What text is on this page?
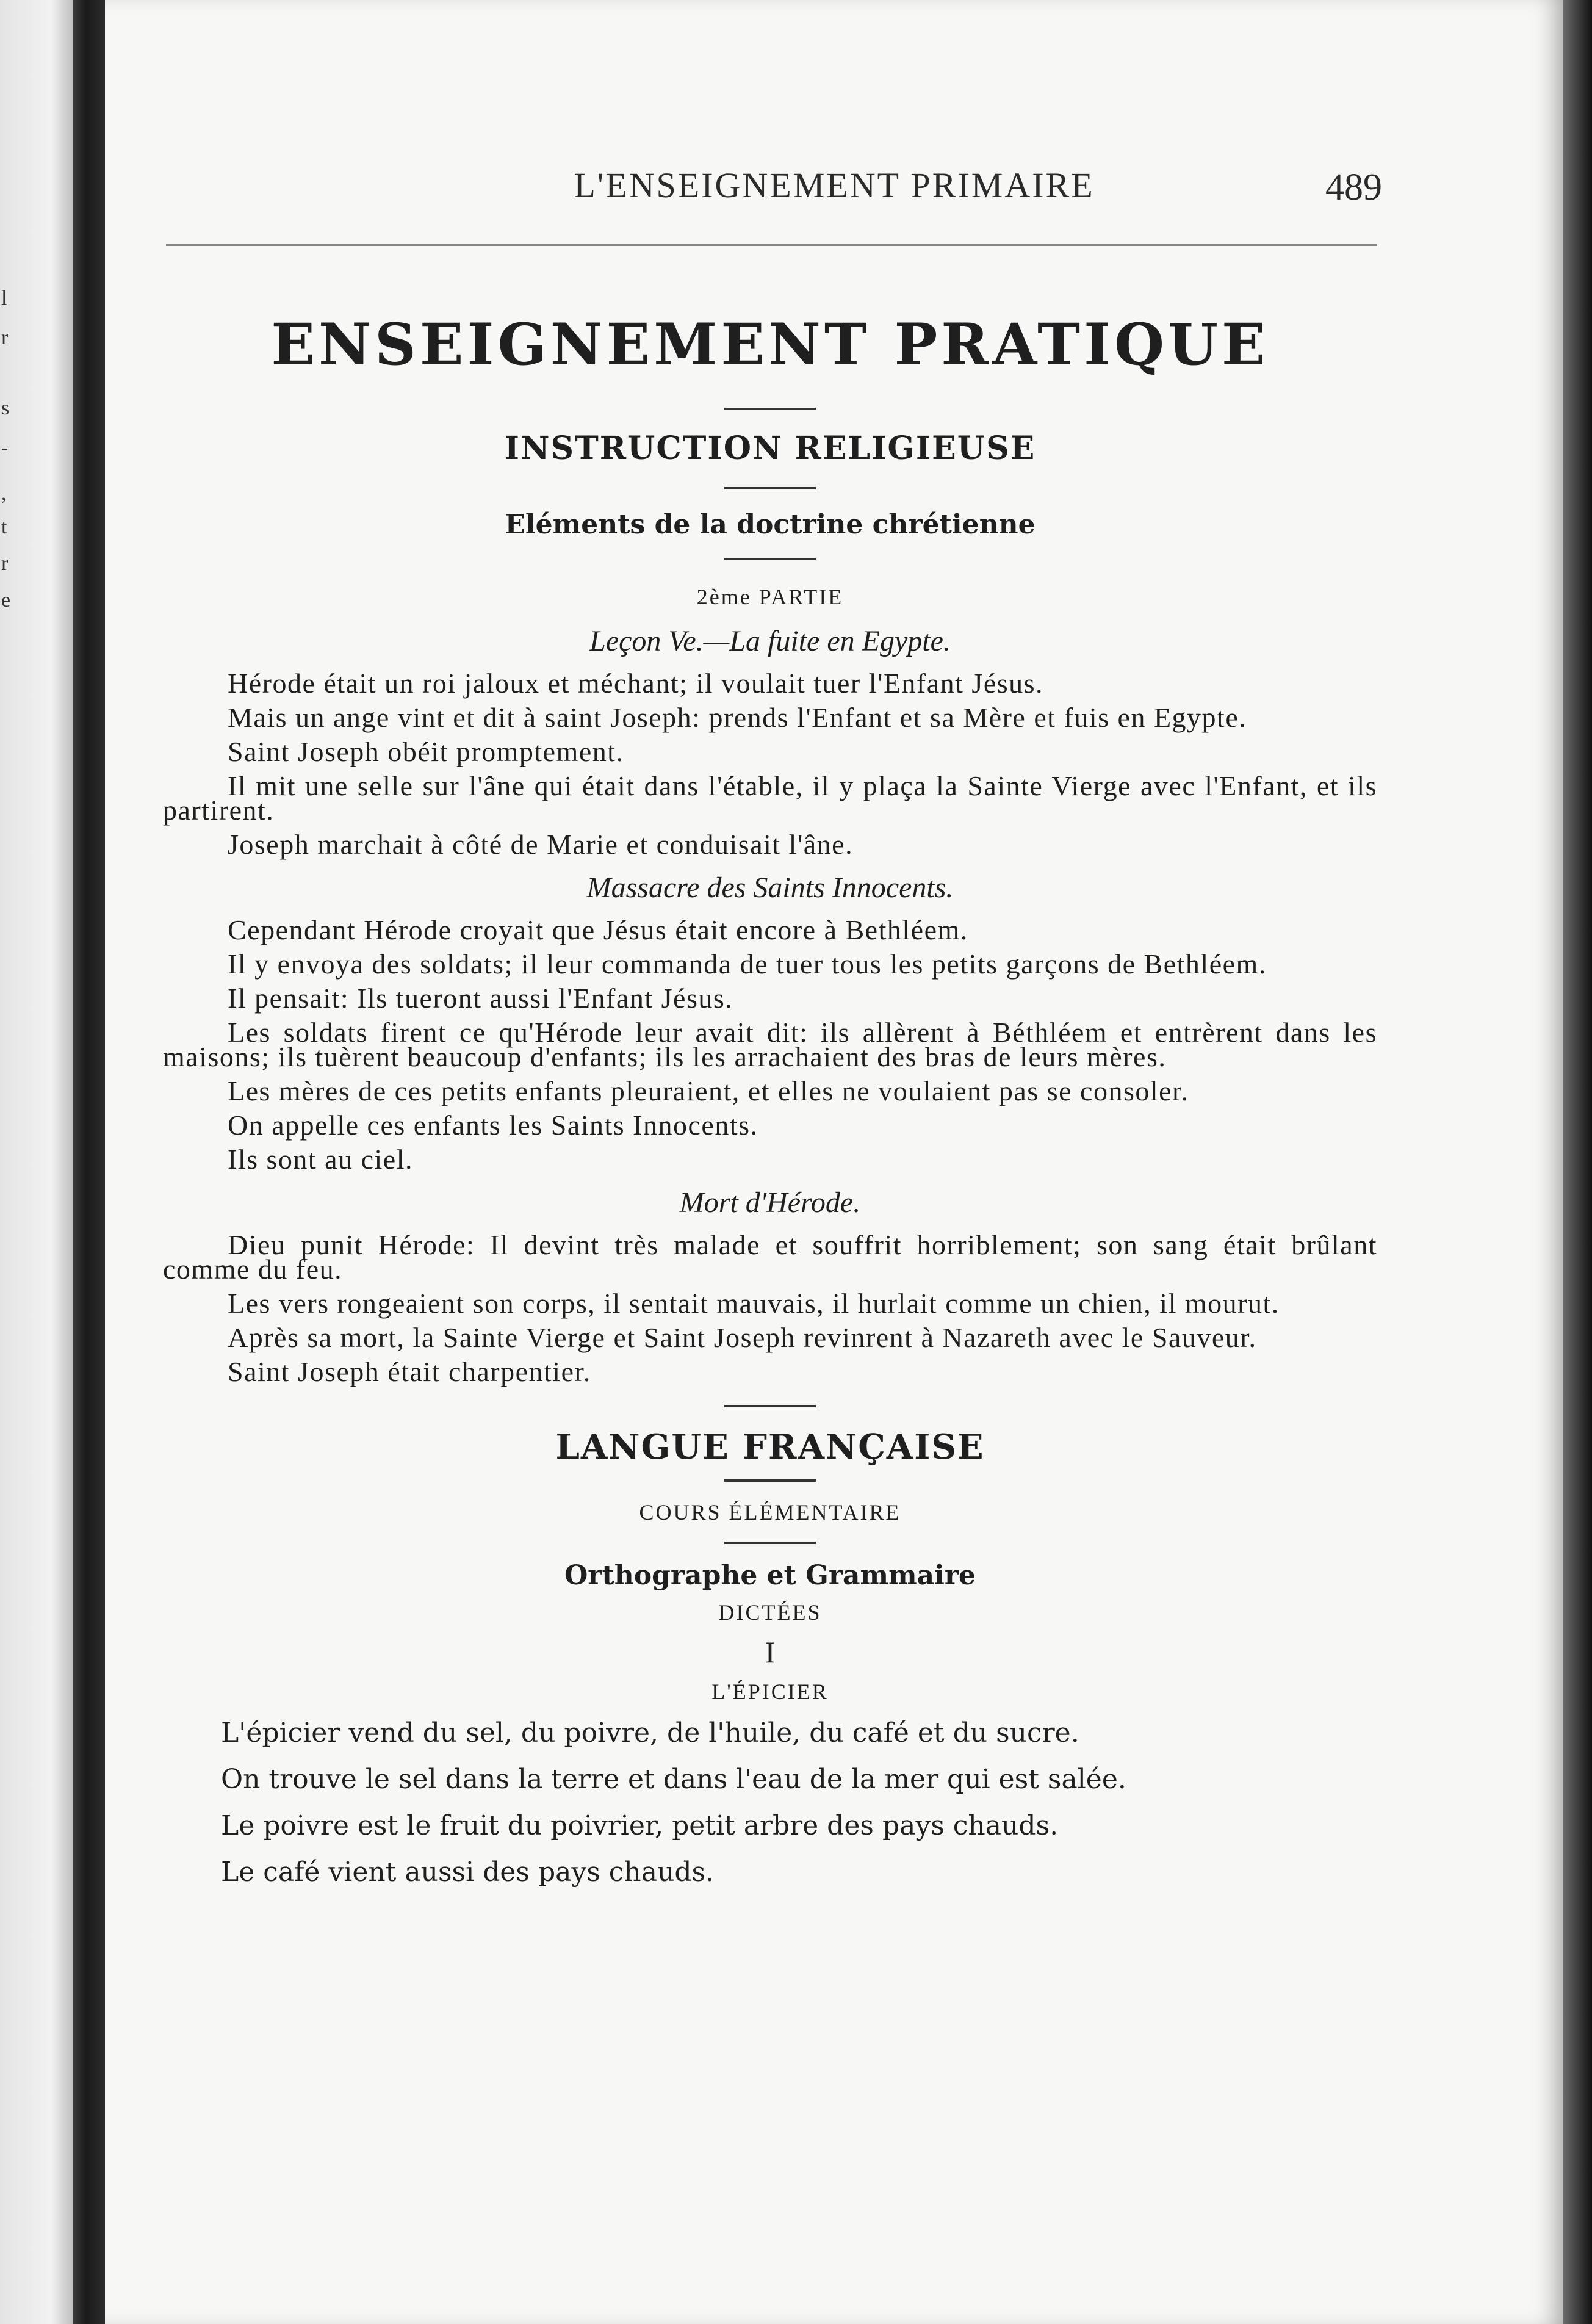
l
r
s
-
,
t
r
e
L'ENSEIGNEMENT PRIMAIRE	489
ENSEIGNEMENT PRATIQUE
INSTRUCTION RELIGIEUSE
Eléments de la doctrine chrétienne
2ème PARTIE
Leçon Ve.—La fuite en Egypte.

Hérode était un roi jaloux et méchant; il voulait tuer l'Enfant Jésus.

Mais un ange vint et dit à saint Joseph: prends l'Enfant et sa Mère et fuis en Egypte.

Saint Joseph obéit promptement.

Il mit une selle sur l'âne qui était dans l'étable, il y plaça la Sainte Vierge avec l'Enfant, et ils partirent.

Joseph marchait à côté de Marie et conduisait l'âne.

Massacre des Saints Innocents.

Cependant Hérode croyait que Jésus était encore à Bethléem.

Il y envoya des soldats; il leur commanda de tuer tous les petits garçons de Bethléem.

Il pensait: Ils tueront aussi l'Enfant Jésus.

Les soldats firent ce qu'Hérode leur avait dit: ils allèrent à Béthléem et entrèrent dans les maisons; ils tuèrent beaucoup d'enfants; ils les arrachaient des bras de leurs mères.

Les mères de ces petits enfants pleuraient, et elles ne voulaient pas se consoler.

On appelle ces enfants les Saints Innocents.

Ils sont au ciel.

Mort d'Hérode.

Dieu punit Hérode: Il devint très malade et souffrit horriblement; son sang était brûlant comme du feu.

Les vers rongeaient son corps, il sentait mauvais, il hurlait comme un chien, il mourut.

Après sa mort, la Sainte Vierge et Saint Joseph revinrent à Nazareth avec le Sauveur.

Saint Joseph était charpentier.

LANGUE FRANÇAISE
COURS ÉLÉMENTAIRE
Orthographe et Grammaire
DICTÉES
I
L'ÉPICIER

L'épicier vend du sel, du poivre, de l'huile, du café et du sucre.

On trouve le sel dans la terre et dans l'eau de la mer qui est salée.

Le poivre est le fruit du poivrier, petit arbre des pays chauds.

Le café vient aussi des pays chauds.
